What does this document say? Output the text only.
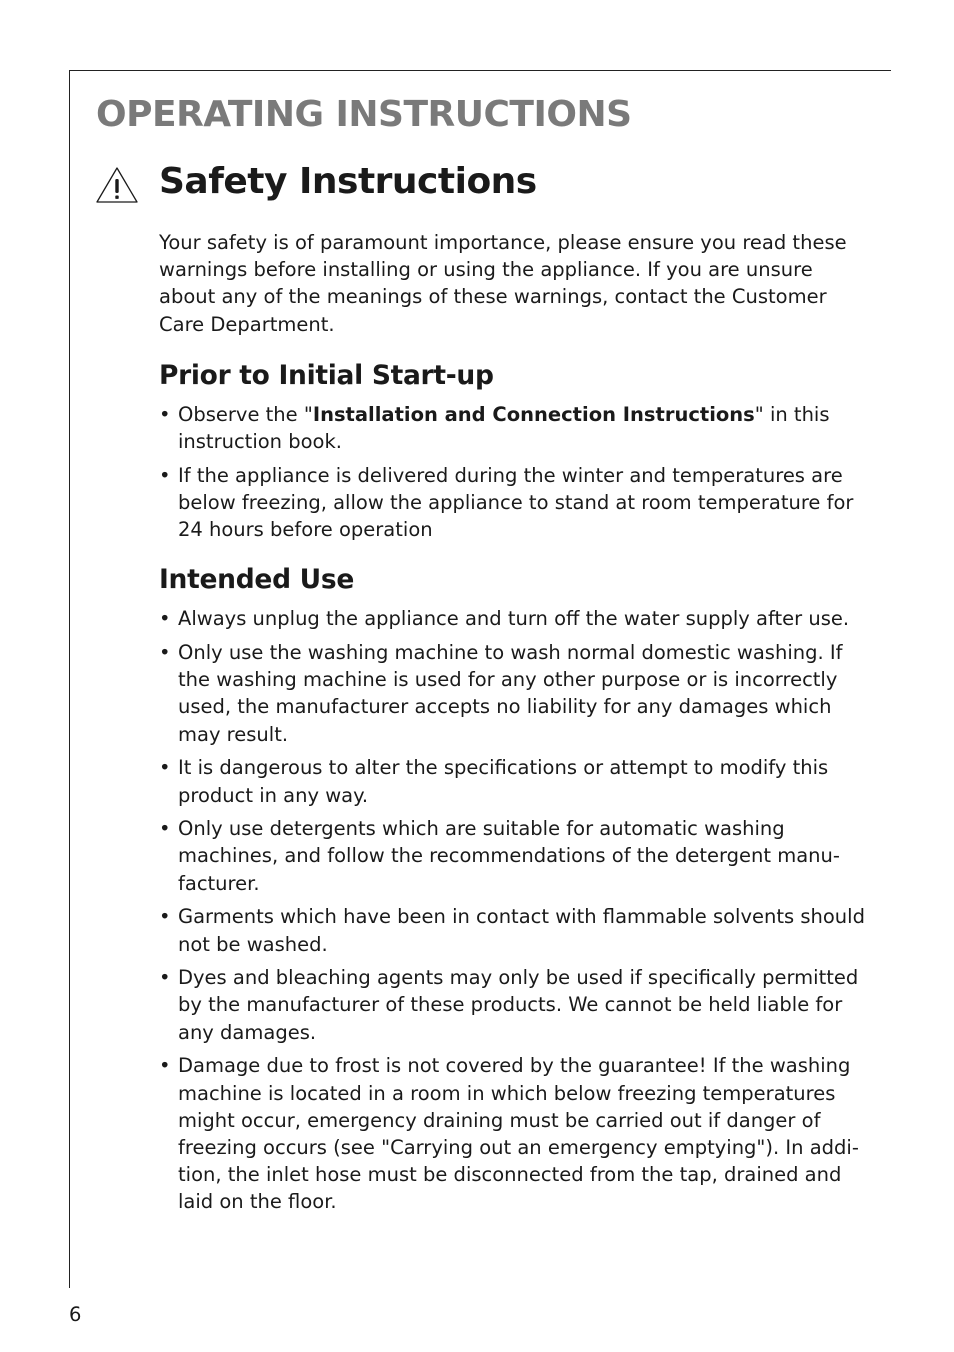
OPERATING INSTRUCTIONS
Safety Instructions

Your safety is of paramount importance, please ensure you read these warnings before installing or using the appliance. If you are unsure about any of the meanings of these warnings, contact the Customer Care Department.

Prior to Initial Start-up
• Observe the "Installation and Connection Instructions" in this instruction book.
• If the appliance is delivered during the winter and temperatures are below freezing, allow the appliance to stand at room temperature for 24 hours before operation
Intended Use
• Always unplug the appliance and turn off the water supply after use.
• Only use the washing machine to wash normal domestic washing. If the washing machine is used for any other purpose or is incorrectly used, the manufacturer accepts no liability for any damages which may result.
• It is dangerous to alter the specifications or attempt to modify this product in any way.
• Only use detergents which are suitable for automatic washing machines, and follow the recommendations of the detergent manu-facturer.
• Garments which have been in contact with flammable solvents should not be washed.
• Dyes and bleaching agents may only be used if specifically permitted by the manufacturer of these products. We cannot be held liable for any damages.
• Damage due to frost is not covered by the guarantee! If the washing machine is located in a room in which below freezing temperatures might occur, emergency draining must be carried out if danger of freezing occurs (see "Carrying out an emergency emptying"). In addi-tion, the inlet hose must be disconnected from the tap, drained and laid on the floor.

6
